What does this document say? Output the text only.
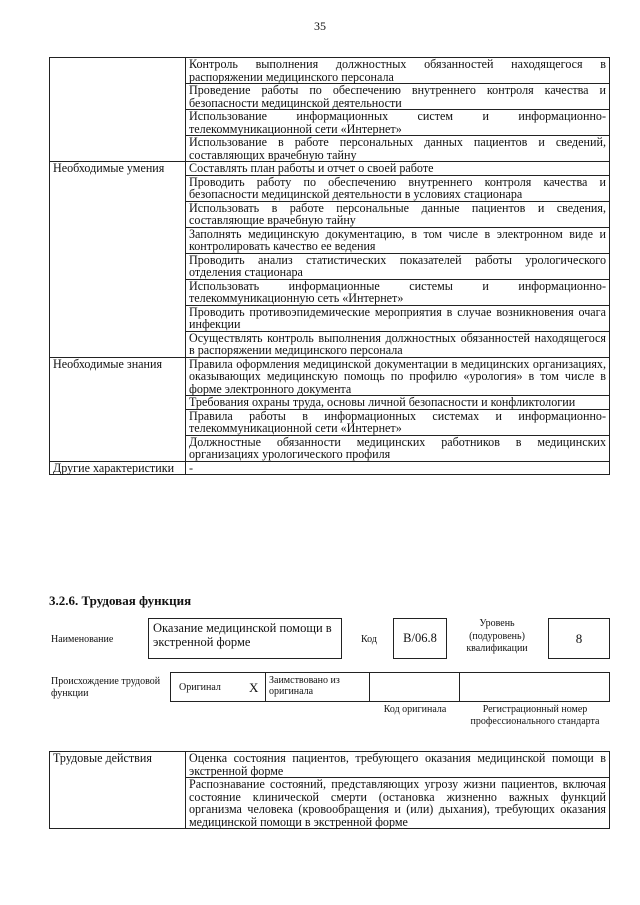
35
	Контроль выполнения должностных обязанностей находящегося в распоряжении медицинского персонала
	Проведение работы по обеспечению внутреннего контроля качества и безопасности медицинской деятельности
	Использование информационных систем и информационно-телекоммуникационной сети «Интернет»
	Использование в работе персональных данных пациентов и сведений, составляющих врачебную тайну
Необходимые умения	Составлять план работы и отчет о своей работе
	Проводить работу по обеспечению внутреннего контроля качества и безопасности медицинской деятельности в условиях стационара
	Использовать в работе персональные данные пациентов и сведения, составляющие врачебную тайну
	Заполнять медицинскую документацию, в том числе в электронном виде и контролировать качество ее ведения
	Проводить анализ статистических показателей работы урологического отделения стационара
	Использовать информационные системы и информационно-телекоммуникационную сеть «Интернет»
	Проводить противоэпидемические мероприятия в случае возникновения очага инфекции
	Осуществлять контроль выполнения должностных обязанностей находящегося в распоряжении медицинского персонала
Необходимые знания	Правила оформления медицинской документации в медицинских организациях, оказывающих медицинскую помощь по профилю «урология» в том числе в форме электронного документа
	Требования охраны труда, основы личной безопасности и конфликтологии
	Правила работы в информационных системах и информационно-телекоммуникационной сети «Интернет»
	Должностные обязанности медицинских работников в медицинских организациях урологического профиля
Другие характеристики	-
3.2.6. Трудовая функция
Наименование
Оказание медицинской помощи в экстренной форме	Код	B/06.8
Уровень (подуровень) квалификации
8
Происхождение трудовой функции
Оригинал X	Заимствовано из оригинала
Код оригинала	Регистрационный номер профессионального стандарта
Трудовые действия	Оценка состояния пациентов, требующего оказания медицинской помощи в экстренной форме
Распознавание состояний, представляющих угрозу жизни пациентов, включая состояние клинической смерти (остановка жизненно важных функций организма человека (кровообращения и (или) дыхания), требующих оказания медицинской помощи в экстренной форме
